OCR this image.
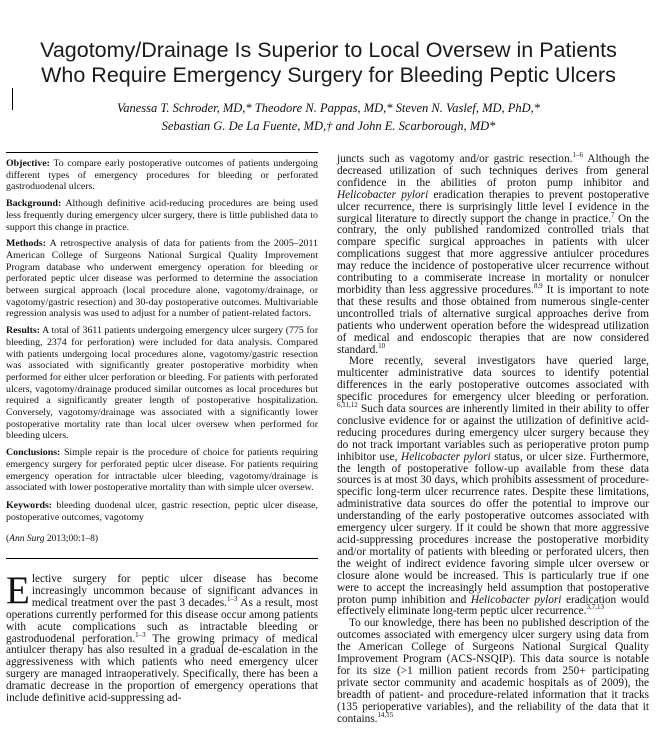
Vagotomy/Drainage Is Superior to Local Oversew in Patients
Who Require Emergency Surgery for Bleeding Peptic Ulcers
Vanessa T. Schroder, MD,* Theodore N. Pappas, MD,* Steven N. Vaslef, MD, PhD,*
Sebastian G. De La Fuente, MD,† and John E. Scarborough, MD*

Objective: To compare early postoperative outcomes of patients undergoing different types of emergency procedures for bleeding or perforated gastroduodenal ulcers.

Background: Although definitive acid-reducing procedures are being used less frequently during emergency ulcer surgery, there is little published data to support this change in practice.

Methods: A retrospective analysis of data for patients from the 2005–2011 American College of Surgeons National Surgical Quality Improvement Program database who underwent emergency operation for bleeding or perforated peptic ulcer disease was performed to determine the association between surgical approach (local procedure alone, vagotomy/drainage, or vagotomy/gastric resection) and 30-day postoperative outcomes. Multivariable regression analysis was used to adjust for a number of patient-related factors.

Results: A total of 3611 patients undergoing emergency ulcer surgery (775 for bleeding, 2374 for perforation) were included for data analysis. Compared with patients undergoing local procedures alone, vagotomy/gastric resection was associated with significantly greater postoperative morbidity when performed for either ulcer perforation or bleeding. For patients with perforated ulcers, vagotomy/drainage produced similar outcomes as local procedures but required a significantly greater length of postoperative hospitalization. Conversely, vagotomy/drainage was associated with a significantly lower postoperative mortality rate than local ulcer oversew when performed for bleeding ulcers.

Conclusions: Simple repair is the procedure of choice for patients requiring emergency surgery for perforated peptic ulcer disease. For patients requiring emergency operation for intractable ulcer bleeding, vagotomy/drainage is associated with lower postoperative mortality than with simple ulcer oversew.

Keywords: bleeding duodenal ulcer, gastric resection, peptic ulcer disease, postoperative outcomes, vagotomy

(Ann Surg 2013;00:1–8)

Elective surgery for peptic ulcer disease has become increasingly uncommon because of significant advances in medical treatment over the past 3 decades.$^{1-3}$ As a result, most operations currently performed for this disease occur among patients with acute complications such as intractable bleeding or gastroduodenal perforation.$^{1-3}$ The growing primacy of medical antiulcer therapy has also resulted in a gradual de-escalation in the aggressiveness with which patients who need emergency ulcer surgery are managed intraoperatively. Specifically, there has been a dramatic decrease in the proportion of emergency operations that include definitive acid-suppressing ad-

juncts such as vagotomy and/or gastric resection.$^{1-6}$ Although the decreased utilization of such techniques derives from general confidence in the abilities of proton pump inhibitor and Helicobacter pylori eradication therapies to prevent postoperative ulcer recurrence, there is surprisingly little level I evidence in the surgical literature to directly support the change in practice.$^7$ On the contrary, the only published randomized controlled trials that compare specific surgical approaches in patients with ulcer complications suggest that more aggressive antiulcer procedures may reduce the incidence of postoperative ulcer recurrence without contributing to a commiserate increase in mortality or nonulcer morbidity than less aggressive procedures.$^{8,9}$ It is important to note that these results and those obtained from numerous single-center uncontrolled trials of alternative surgical approaches derive from patients who underwent operation before the widespread utilization of medical and endoscopic therapies that are now considered standard.$^{10}$

More recently, several investigators have queried large, multicenter administrative data sources to identify potential differences in the early postoperative outcomes associated with specific procedures for emergency ulcer bleeding or perforation. $^{6,11,12}$ Such data sources are inherently limited in their ability to offer conclusive evidence for or against the utilization of definitive acid-reducing procedures during emergency ulcer surgery because they do not track important variables such as perioperative proton pump inhibitor use, Helicobacter pylori status, or ulcer size. Furthermore, the length of postoperative follow-up available from these data sources is at most 30 days, which prohibits assessment of procedure-specific long-term ulcer recurrence rates. Despite these limitations, administrative data sources do offer the potential to improve our understanding of the early postoperative outcomes associated with emergency ulcer surgery. If it could be shown that more aggressive acid-suppressing procedures increase the postoperative morbidity and/or mortality of patients with bleeding or perforated ulcers, then the weight of indirect evidence favoring simple ulcer oversew or closure alone would be increased. This is particularly true if one were to accept the increasingly held assumption that postoperative proton pump inhibition and Helicobacter pylori eradication would effectively eliminate long-term peptic ulcer recurrence.$^{3,7,13}$

To our knowledge, there has been no published description of the outcomes associated with emergency ulcer surgery using data from the American College of Surgeons National Surgical Quality Improvement Program (ACS-NSQIP). This data source is notable for its size (>1 million patient records from 250+ participating private sector community and academic hospitals as of 2009), the breadth of patient- and procedure-related information that it tracks (135 perioperative variables), and the reliability of the data that it contains.$^{14,15}$
